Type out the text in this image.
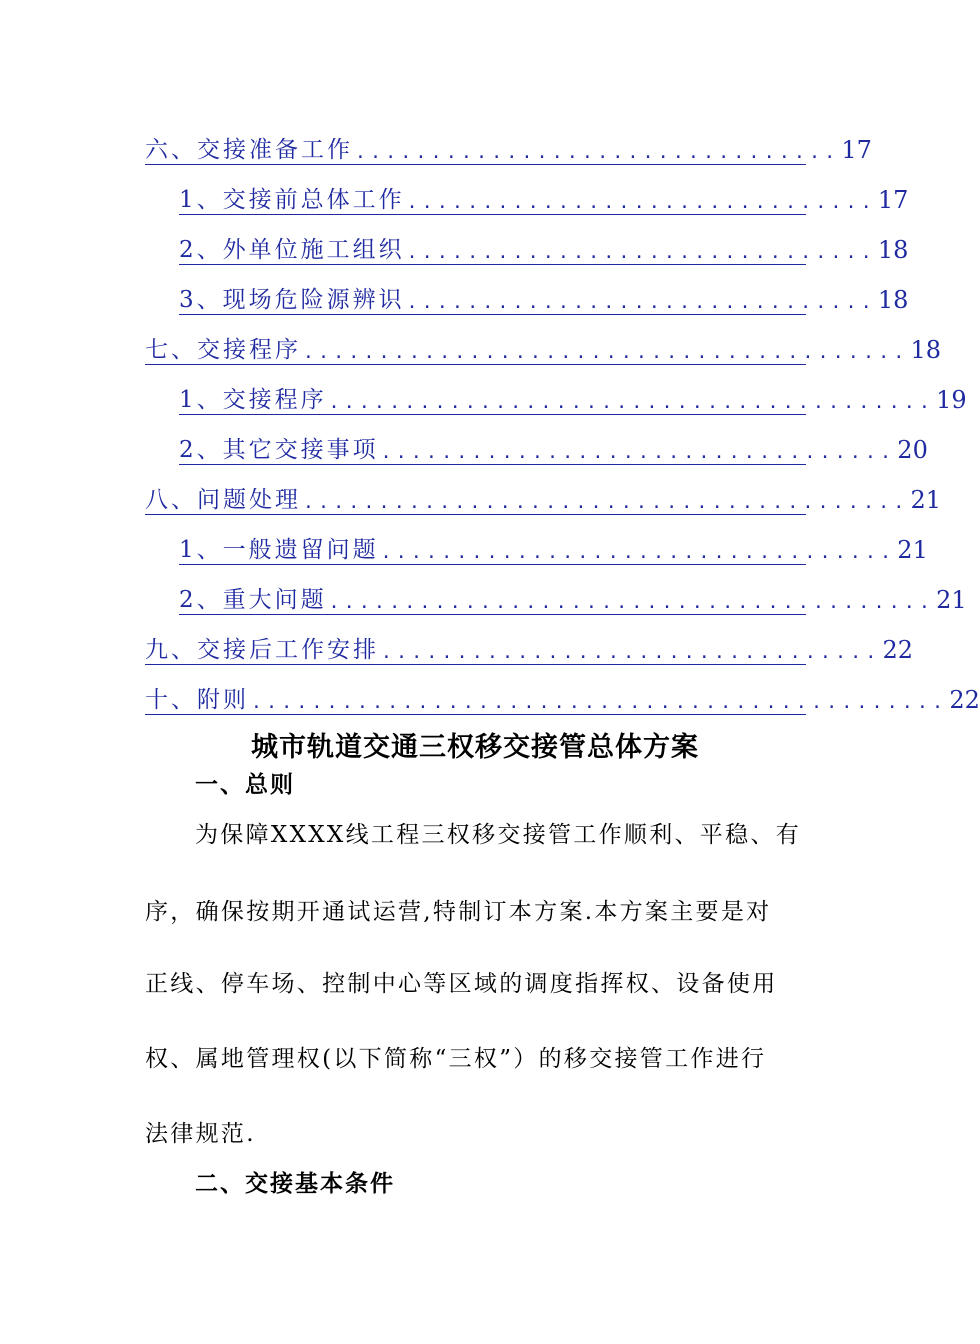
六、交接准备工作 ................................ 17
1、交接前总体工作 ............................... 17
2、外单位施工组织 ............................... 18
3、现场危险源辨识 ............................... 18
七、交接程序 ........................................ 18
1、交接程序 ........................................ 19
2、其它交接事项 .................................. 20
八、问题处理 ........................................ 21
1、一般遗留问题 .................................. 21
2、重大问题 ........................................ 21
九、交接后工作安排 ................................. 22
十、附则 .............................................. 22
城市轨道交通三权移交接管总体方案
一、总则
为保障XXXX线工程三权移交接管工作顺利、平稳、有
序，确保按期开通试运营,特制订本方案.本方案主要是对
正线、停车场、控制中心等区域的调度指挥权、设备使用
权、属地管理权(以下简称“三权”）的移交接管工作进行
法律规范.
二、交接基本条件
